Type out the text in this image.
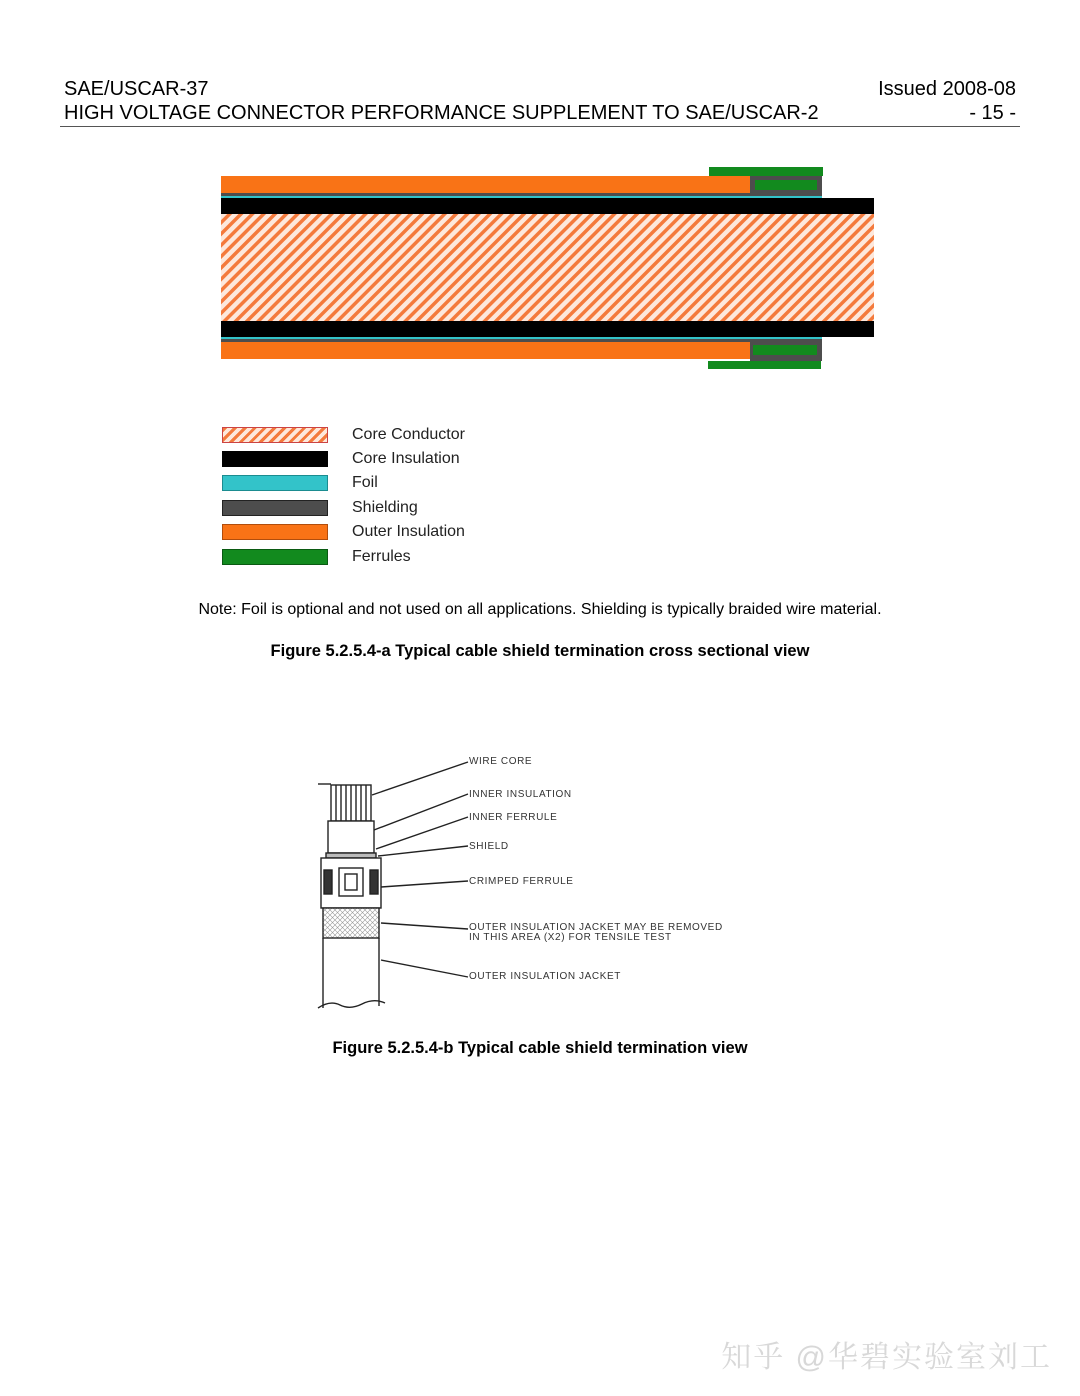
SAE/USCAR-37	Issued 2008-08
HIGH VOLTAGE CONNECTOR PERFORMANCE SUPPLEMENT TO SAE/USCAR-2	- 15 -
Core Conductor
Core Insulation
Foil
Shielding
Outer Insulation
Ferrules
Note: Foil is optional and not used on all applications. Shielding is typically braided wire material.
Figure 5.2.5.4-a Typical cable shield termination cross sectional view
WIRE CORE
INNER INSULATION
INNER FERRULE
SHIELD
CRIMPED FERRULE
OUTER INSULATION JACKET MAY BE REMOVED
IN THIS AREA (X2) FOR TENSILE TEST
OUTER INSULATION JACKET
Figure 5.2.5.4-b Typical cable shield termination view
知乎 @华碧实验室刘工
